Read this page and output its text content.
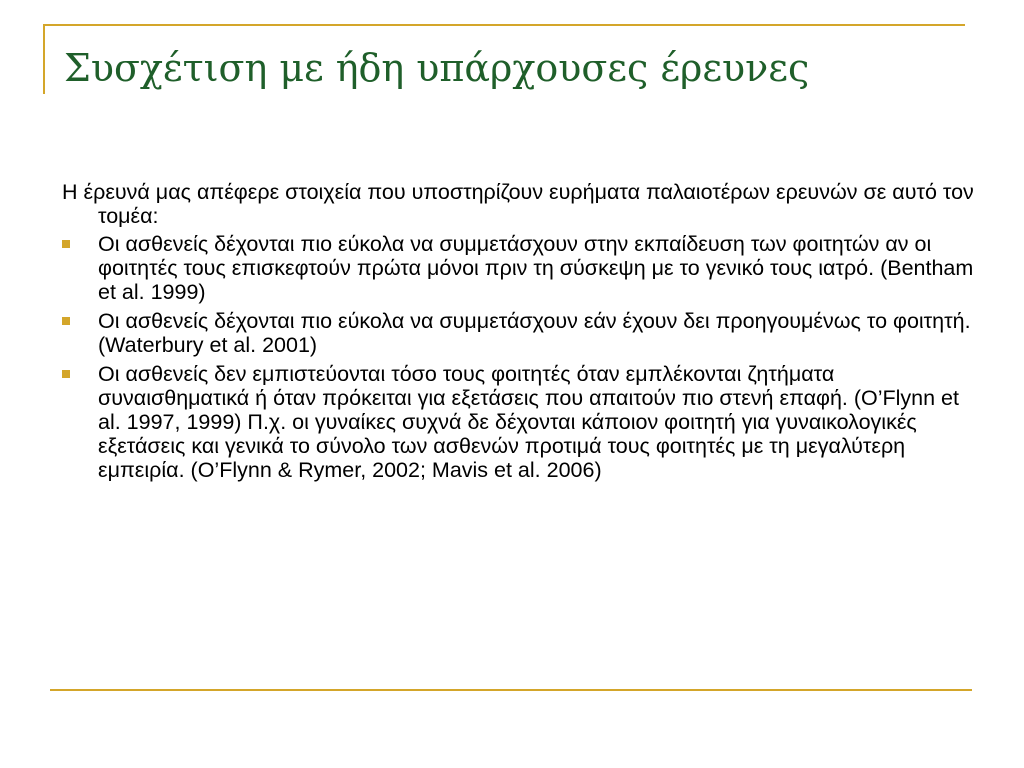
Συσχέτιση με ήδη υπάρχουσες έρευνες

Η έρευνά μας απέφερε στοιχεία που υποστηρίζουν ευρήματα παλαιοτέρων ερευνών σε αυτό τον τομέα:

Οι ασθενείς δέχονται πιο εύκολα να συμμετάσχουν στην εκπαίδευση των φοιτητών αν οι φοιτητές τους επισκεφτούν πρώτα μόνοι πριν τη σύσκεψη με το γενικό τους ιατρό. (Bentham et al. 1999)
Οι ασθενείς δέχονται πιο εύκολα να συμμετάσχουν εάν έχουν δει προηγουμένως το φοιτητή. (Waterbury et al. 2001)
Οι ασθενείς δεν εμπιστεύονται τόσο τους φοιτητές όταν εμπλέκονται ζητήματα συναισθηματικά ή όταν πρόκειται για εξετάσεις που απαιτούν πιο στενή επαφή. (O’Flynn et al. 1997, 1999) Π.χ. οι γυναίκες συχνά δε δέχονται κάποιον φοιτητή για γυναικολογικές εξετάσεις και γενικά το σύνολο των ασθενών προτιμά τους φοιτητές με τη μεγαλύτερη εμπειρία. (O’Flynn & Rymer, 2002; Mavis et al. 2006)
